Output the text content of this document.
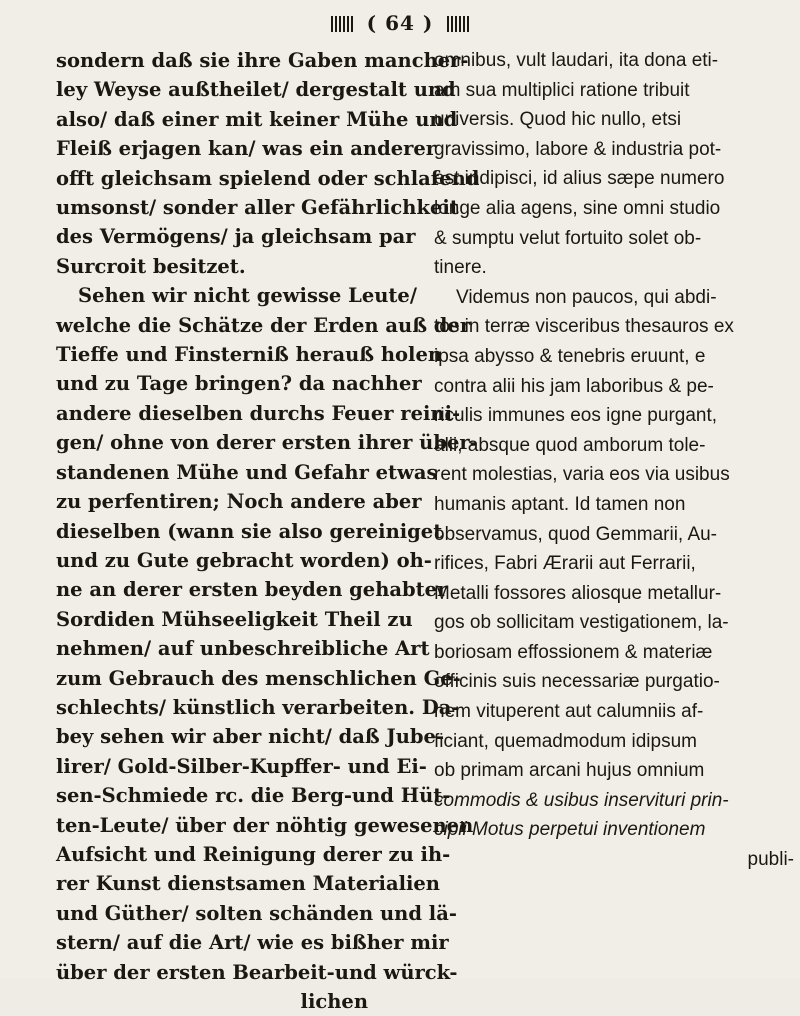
( 64 )
sondern daß sie ihre Gaben mancher-
ley Weyse außtheilet/ dergestalt und
also/ daß einer mit keiner Mühe und
Fleiß erjagen kan/ was ein anderer
offt gleichsam spielend oder schlafend
umsonst/ sonder aller Gefährlichkeit
des Vermögens/ ja gleichsam par
Surcroit besitzet.
Sehen wir nicht gewisse Leute/
welche die Schätze der Erden auß der
Tieffe und Finsterniß herauß holen
und zu Tage bringen? da nachher
andere dieselben durchs Feuer reini-
gen/ ohne von derer ersten ihrer über-
standenen Mühe und Gefahr etwas
zu perfentiren; Noch andere aber
dieselben (wann sie also gereiniget
und zu Gute gebracht worden) oh-
ne an derer ersten beyden gehabter
Sordiden Mühseeligkeit Theil zu
nehmen/ auf unbeschreibliche Art
zum Gebrauch des menschlichen Ge-
schlechts/ künstlich verarbeiten. Da-
bey sehen wir aber nicht/ daß Jube-
lirer/ Gold-Silber-Kupffer- und Ei-
sen-Schmiede rc. die Berg-und Hüt-
ten-Leute/ über der nöhtig gewesenen
Aufsicht und Reinigung derer zu ih-
rer Kunst dienstsamen Materialien
und Güther/ solten schänden und lä-
stern/ auf die Art/ wie es bißher mir
über der ersten Bearbeit-und würck-
lichen
omnibus, vult laudari, ita dona eti-
am sua multiplici ratione tribuit
universis. Quod hic nullo, etsi
gravissimo, labore & industria pot-
est indipisci, id alius sæpe numero
longe alia agens, sine omni studio
& sumptu velut fortuito solet ob-
tinere.
Videmus non paucos, qui abdi-
tos in terræ visceribus thesauros ex
ipsa abysso & tenebris eruunt, e
contra alii his jam laboribus & pe-
riculis immunes eos igne purgant,
alii, absque quod amborum tole-
rent molestias, varia eos via usibus
humanis aptant. Id tamen non
observamus, quod Gemmarii, Au-
rifices, Fabri Ærarii aut Ferrarii,
Metalli fossores aliosque metallur-
gos ob sollicitam vestigationem, la-
boriosam effossionem & materiæ
officinis suis necessariæ purgatio-
nem vituperent aut calumniis af-
ficiant, quemadmodum idipsum
ob primam arcani hujus omnium
commodis & usibus inservituri prin-
cipii Motus perpetui inventionem
publi-
